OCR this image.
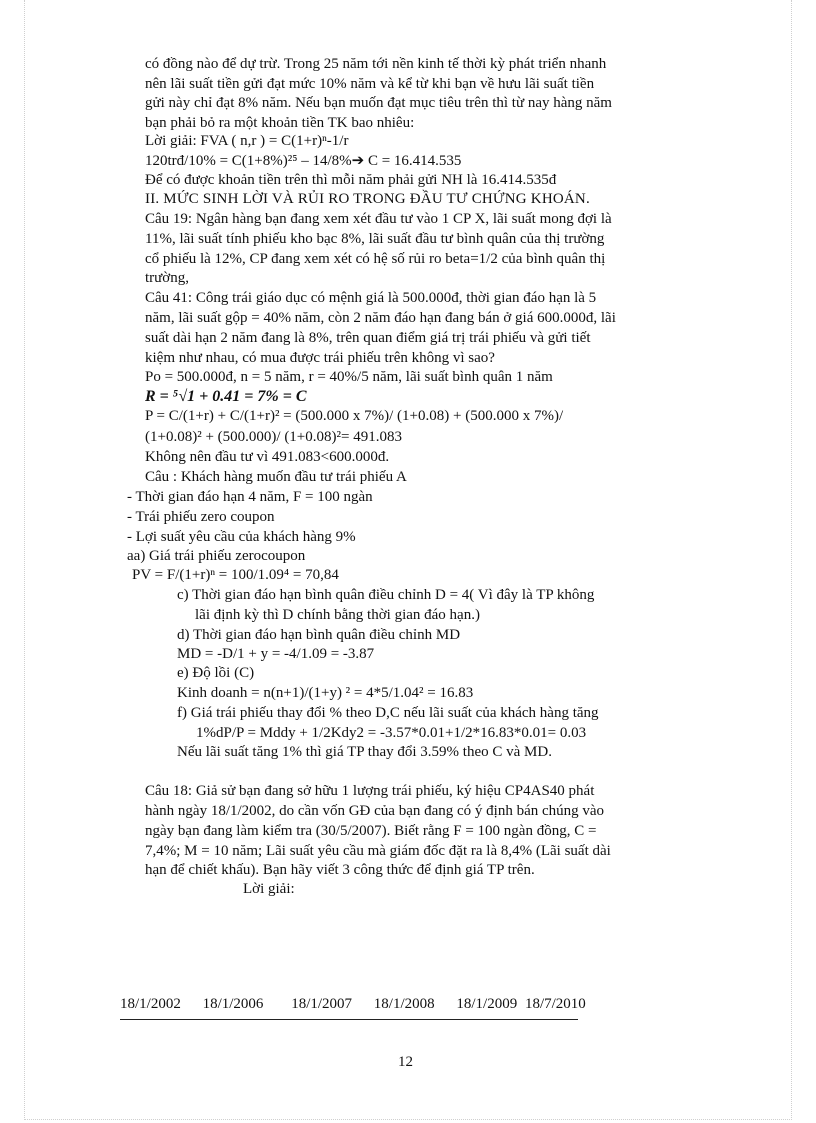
có đồng nào để dự trừ. Trong 25 năm tới nền kinh tế thời kỳ phát triển nhanh
nên lãi suất tiền gửi đạt mức 10% năm và kể từ khi bạn về hưu lãi suất tiền
gửi này chỉ đạt 8% năm. Nếu bạn muốn đạt mục tiêu trên thì từ nay hàng năm
bạn phải bỏ ra một khoản tiền TK bao nhiêu:
Lời giải: FVA ( n,r ) = C(1+r)ⁿ-1/r
120trđ/10% = C(1+8%)²⁵ – 14/8%➔ C = 16.414.535
Để có được khoản tiền trên thì mỗi năm phải gửi NH là 16.414.535đ
II. MỨC SINH LỜI VÀ RỦI RO TRONG ĐẦU TƯ CHỨNG KHOÁN.
Câu 19: Ngân hàng bạn đang xem xét đầu tư vào 1 CP X, lãi suất mong đợi là
11%, lãi suất tính phiếu kho bạc 8%, lãi suất đầu tư bình quân của thị trường
cổ phiếu là 12%, CP đang xem xét có hệ số rủi ro beta=1/2 của bình quân thị
trường,
Câu 41: Công trái giáo dục có mệnh giá là 500.000đ, thời gian đáo hạn là 5
năm, lãi suất gộp = 40% năm, còn 2 năm đáo hạn đang bán ở giá 600.000đ, lãi
suất dài hạn 2 năm đang là 8%, trên quan điểm giá trị trái phiếu và gửi tiết
kiệm như nhau, có mua được trái phiếu trên không vì sao?
Po = 500.000đ, n = 5 năm, r = 40%/5 năm, lãi suất bình quân 1 năm
R = ⁵√1 + 0.41 = 7% = C
P = C/(1+r) + C/(1+r)² = (500.000 x 7%)/ (1+0.08) + (500.000 x 7%)/
(1+0.08)² + (500.000)/ (1+0.08)²= 491.083
Không nên đầu tư vì 491.083<600.000đ.
Câu : Khách hàng muốn đầu tư trái phiếu A
- Thời gian đáo hạn 4 năm, F = 100 ngàn
- Trái phiếu zero coupon
- Lợi suất yêu cầu của khách hàng 9%
aa) Giá trái phiếu zerocoupon
PV = F/(1+r)ⁿ = 100/1.09⁴ = 70,84
c) Thời gian đáo hạn bình quân điều chỉnh D = 4( Vì đây là TP không
lãi định kỳ thì D chính bằng thời gian đáo hạn.)
d) Thời gian đáo hạn bình quân điều chỉnh MD
MD = -D/1 + y = -4/1.09 = -3.87
e) Độ lồi (C)
Kinh doanh = n(n+1)/(1+y) ² = 4*5/1.04² = 16.83
f) Giá trái phiếu thay đổi % theo D,C nếu lãi suất của khách hàng tăng
1%dP/P = Mddy + 1/2Kdy2 = -3.57*0.01+1/2*16.83*0.01= 0.03
Nếu lãi suất tăng 1% thì giá TP thay đổi 3.59% theo C và MD.
Câu 18: Giả sử bạn đang sở hữu 1 lượng trái phiếu, ký hiệu CP4AS40 phát
hành ngày 18/1/2002, do cần vốn GĐ của bạn đang có ý định bán chúng vào
ngày bạn đang làm kiểm tra (30/5/2007). Biết rằng F = 100 ngàn đồng, C =
7,4%; M = 10 năm; Lãi suất yêu cầu mà giám đốc đặt ra là 8,4% (Lãi suất dài
hạn để chiết khấu). Bạn hãy viết 3 công thức để định giá TP trên.
Lời giải:
18/1/2002 18/1/2006 18/1/2007 18/1/2008 18/1/2009 18/7/2010
12
